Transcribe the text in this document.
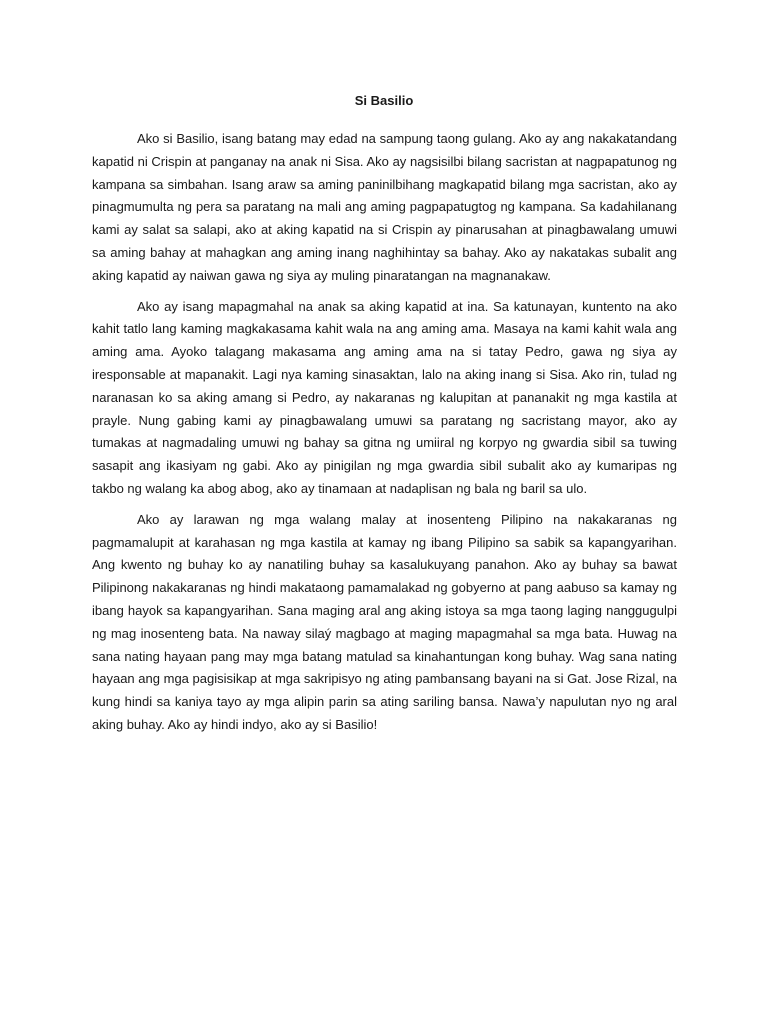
Si Basilio

Ako si Basilio, isang batang may edad na sampung taong gulang. Ako ay ang nakakatandang kapatid ni Crispin at panganay na anak ni Sisa. Ako ay nagsisilbi bilang sacristan at nagpapatunog ng kampana sa simbahan. Isang araw sa aming paninilbihang magkapatid bilang mga sacristan, ako ay pinagmumulta ng pera sa paratang na mali ang aming pagpapatugtog ng kampana. Sa kadahilanang kami ay salat sa salapi, ako at aking kapatid na si Crispin ay pinarusahan at pinagbawalang umuwi sa aming bahay at mahagkan ang aming inang naghihintay sa bahay. Ako ay nakatakas subalit ang aking kapatid ay naiwan gawa ng siya ay muling pinaratangan na magnanakaw.

Ako ay isang mapagmahal na anak sa aking kapatid at ina. Sa katunayan, kuntento na ako kahit tatlo lang kaming magkakasama kahit wala na ang aming ama. Masaya na kami kahit wala ang aming ama. Ayoko talagang makasama ang aming ama na si tatay Pedro, gawa ng siya ay iresponsable at mapanakit. Lagi nya kaming sinasaktan, lalo na aking inang si Sisa. Ako rin, tulad ng naranasan ko sa aking amang si Pedro, ay nakaranas ng kalupitan at pananakit ng mga kastila at prayle. Nung gabing kami ay pinagbawalang umuwi sa paratang ng sacristang mayor, ako ay tumakas at nagmadaling umuwi ng bahay sa gitna ng umiiral ng korpyo ng gwardia sibil sa tuwing sasapit ang ikasiyam ng gabi. Ako ay pinigilan ng mga gwardia sibil subalit ako ay kumaripas ng takbo ng walang ka abog abog, ako ay tinamaan at nadaplisan ng bala ng baril sa ulo.

Ako ay larawan ng mga walang malay at inosenteng Pilipino na nakakaranas ng pagmamalupit at karahasan ng mga kastila at kamay ng ibang Pilipino sa sabik sa kapangyarihan. Ang kwento ng buhay ko ay nanatiling buhay sa kasalukuyang panahon. Ako ay buhay sa bawat Pilipinong nakakaranas ng hindi makataong pamamalakad ng gobyerno at pang aabuso sa kamay ng ibang hayok sa kapangyarihan. Sana maging aral ang aking istoya sa mga taong laging nanggugulpi ng mag inosenteng bata. Na naway silaý magbago at maging mapagmahal sa mga bata. Huwag na sana nating hayaan pang may mga batang matulad sa kinahantungan kong buhay. Wag sana nating hayaan ang mga pagisisikap at mga sakripisyo ng ating pambansang bayani na si Gat. Jose Rizal, na kung hindi sa kaniya tayo ay mga alipin parin sa ating sariling bansa. Nawa’y napulutan nyo ng aral aking buhay. Ako ay hindi indyo, ako ay si Basilio!
